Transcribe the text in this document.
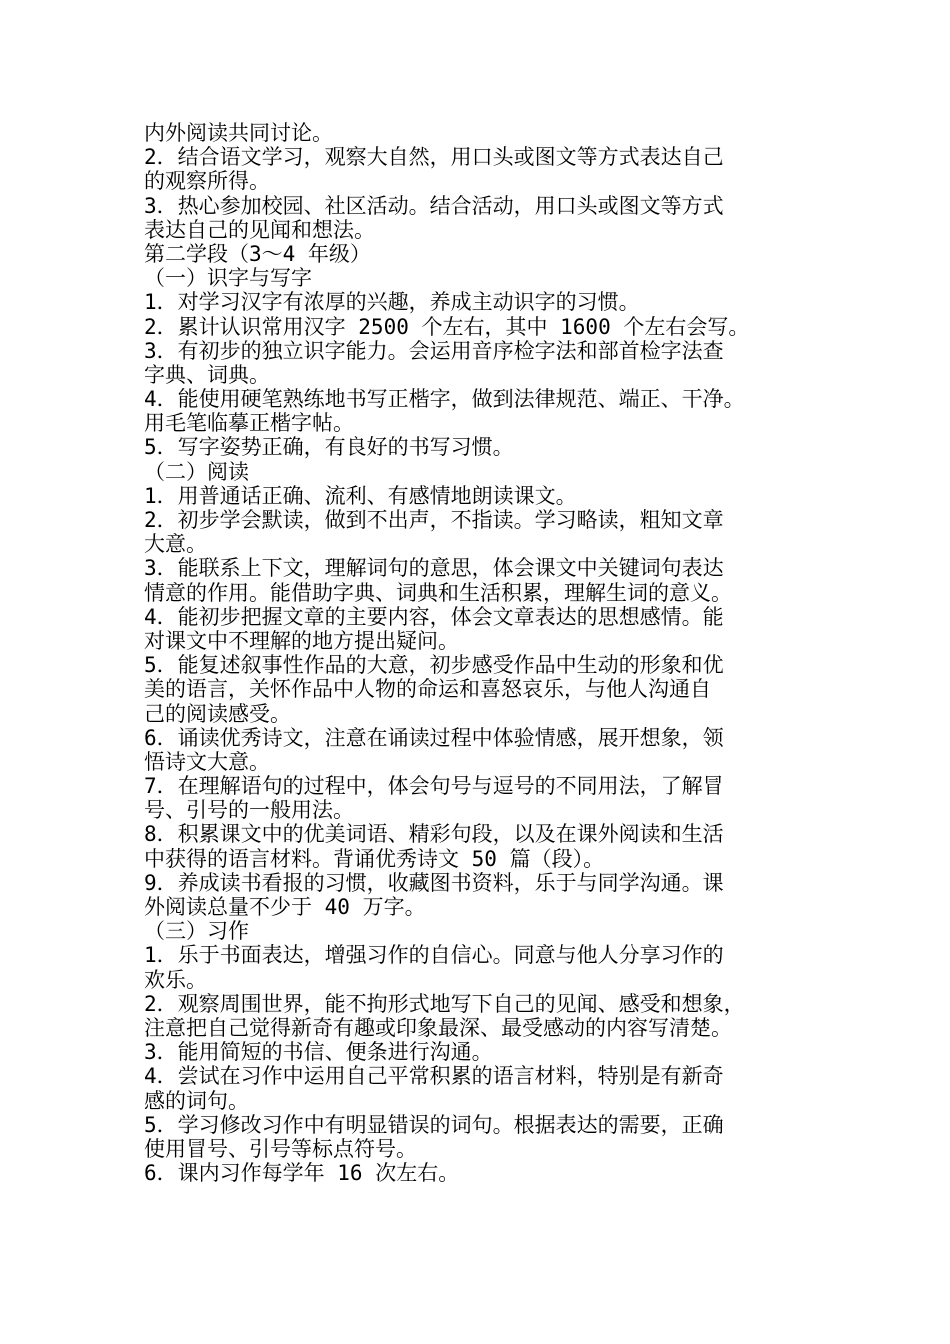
内外阅读共同讨论。
2．结合语文学习，观察大自然，用口头或图文等方式表达自己
的观察所得。
3．热心参加校园、社区活动。结合活动，用口头或图文等方式
表达自己的见闻和想法。
第二学段（3～4 年级）
（一）识字与写字
1．对学习汉字有浓厚的兴趣，养成主动识字的习惯。
2．累计认识常用汉字 2500 个左右，其中 1600 个左右会写。
3．有初步的独立识字能力。会运用音序检字法和部首检字法查
字典、词典。
4．能使用硬笔熟练地书写正楷字，做到法律规范、端正、干净。
用毛笔临摹正楷字帖。
5．写字姿势正确，有良好的书写习惯。
（二）阅读
1．用普通话正确、流利、有感情地朗读课文。
2．初步学会默读，做到不出声，不指读。学习略读，粗知文章
大意。
3．能联系上下文，理解词句的意思，体会课文中关键词句表达
情意的作用。能借助字典、词典和生活积累，理解生词的意义。
4．能初步把握文章的主要内容，体会文章表达的思想感情。能
对课文中不理解的地方提出疑问。
5．能复述叙事性作品的大意，初步感受作品中生动的形象和优
美的语言，关怀作品中人物的命运和喜怒哀乐，与他人沟通自
己的阅读感受。
6．诵读优秀诗文，注意在诵读过程中体验情感，展开想象，领
悟诗文大意。
7．在理解语句的过程中，体会句号与逗号的不同用法，了解冒
号、引号的一般用法。
8．积累课文中的优美词语、精彩句段，以及在课外阅读和生活
中获得的语言材料。背诵优秀诗文 50 篇（段）。
9．养成读书看报的习惯，收藏图书资料，乐于与同学沟通。课
外阅读总量不少于 40 万字。
（三）习作
1．乐于书面表达，增强习作的自信心。同意与他人分享习作的
欢乐。
2．观察周围世界，能不拘形式地写下自己的见闻、感受和想象，
注意把自己觉得新奇有趣或印象最深、最受感动的内容写清楚。
3．能用简短的书信、便条进行沟通。
4．尝试在习作中运用自己平常积累的语言材料，特别是有新奇
感的词句。
5．学习修改习作中有明显错误的词句。根据表达的需要，正确
使用冒号、引号等标点符号。
6．课内习作每学年 16 次左右。
